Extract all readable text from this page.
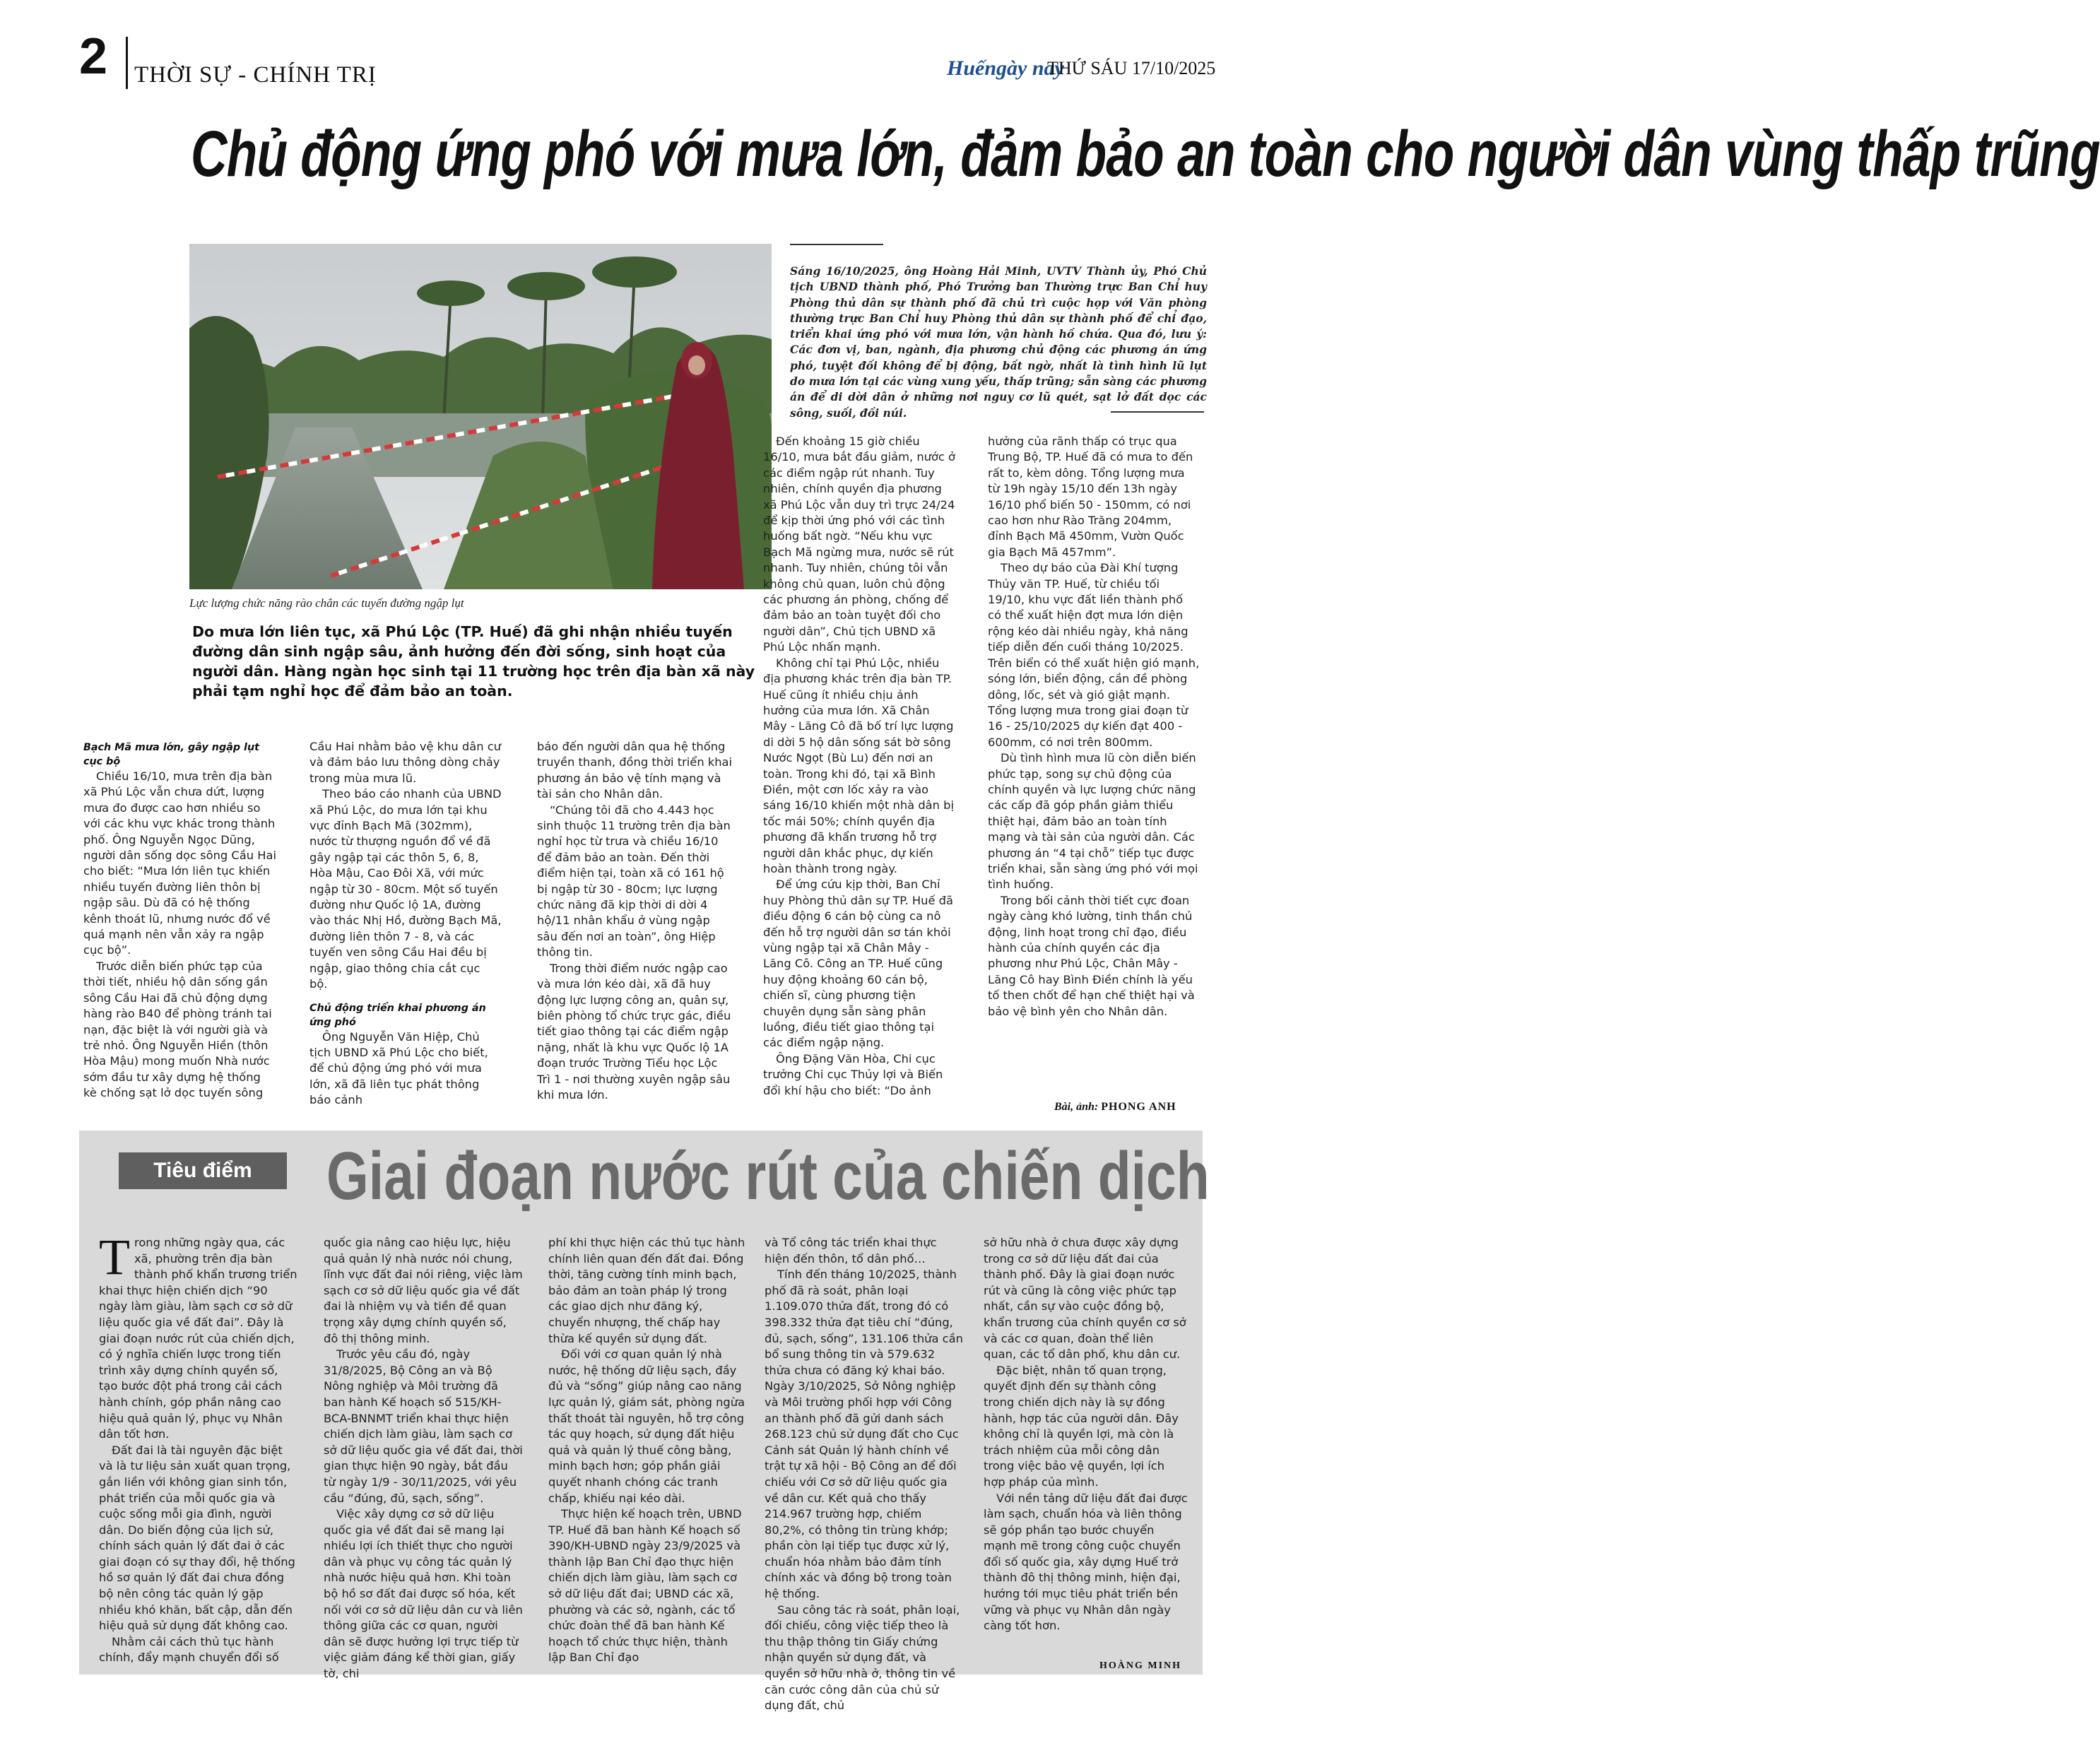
2 THỜI SỰ - CHÍNH TRỊ	Huếngày nay
THỨ SÁU 17/10/2025
Chủ động ứng phó với mưa lớn, đảm bảo an toàn cho người dân vùng thấp trũng
Lực lượng chức năng rào chắn các tuyến đường ngập lụt
Sáng 16/10/2025, ông Hoàng Hải Minh, UVTV Thành ủy, Phó Chủ tịch UBND thành phố, Phó Trưởng ban Thường trực Ban Chỉ huy Phòng thủ dân sự thành phố đã chủ trì cuộc họp với Văn phòng thường trực Ban Chỉ huy Phòng thủ dân sự thành phố để chỉ đạo, triển khai ứng phó với mưa lớn, vận hành hồ chứa. Qua đó, lưu ý: Các đơn vị, ban, ngành, địa phương chủ động các phương án ứng phó, tuyệt đối không để bị động, bất ngờ, nhất là tình hình lũ lụt do mưa lớn tại các vùng xung yếu, thấp trũng; sẵn sàng các phương án để di dời dân ở những nơi nguy cơ lũ quét, sạt lở đất dọc các sông, suối, đồi núi.
Do mưa lớn liên tục, xã Phú Lộc (TP. Huế) đã ghi nhận nhiều tuyến đường dân sinh ngập sâu, ảnh hưởng đến đời sống, sinh hoạt của người dân. Hàng ngàn học sinh tại 11 trường học trên địa bàn xã này phải tạm nghỉ học để đảm bảo an toàn.
Bạch Mã mưa lớn, gây ngập lụt cục bộ

Chiều 16/10, mưa trên địa bàn xã Phú Lộc vẫn chưa dứt, lượng mưa đo được cao hơn nhiều so với các khu vực khác trong thành phố. Ông Nguyễn Ngọc Dũng, người dân sống dọc sông Cầu Hai cho biết: “Mưa lớn liên tục khiến nhiều tuyến đường liên thôn bị ngập sâu. Dù đã có hệ thống kênh thoát lũ, nhưng nước đổ về quá mạnh nên vẫn xảy ra ngập cục bộ”.

Trước diễn biến phức tạp của thời tiết, nhiều hộ dân sống gần sông Cầu Hai đã chủ động dựng hàng rào B40 để phòng tránh tai nạn, đặc biệt là với người già và trẻ nhỏ. Ông Nguyễn Hiền (thôn Hòa Mậu) mong muốn Nhà nước sớm đầu tư xây dựng hệ thống kè chống sạt lở dọc tuyến sông

Cầu Hai nhằm bảo vệ khu dân cư và đảm bảo lưu thông dòng chảy trong mùa mưa lũ.

Theo báo cáo nhanh của UBND xã Phú Lộc, do mưa lớn tại khu vực đỉnh Bạch Mã (302mm), nước từ thượng nguồn đổ về đã gây ngập tại các thôn 5, 6, 8, Hòa Mậu, Cao Đôi Xã, với mức ngập từ 30 - 80cm. Một số tuyến đường như Quốc lộ 1A, đường vào thác Nhị Hồ, đường Bạch Mã, đường liên thôn 7 - 8, và các tuyến ven sông Cầu Hai đều bị ngập, giao thông chia cắt cục bộ.

Chủ động triển khai phương án ứng phó

Ông Nguyễn Văn Hiệp, Chủ tịch UBND xã Phú Lộc cho biết, để chủ động ứng phó với mưa lớn, xã đã liên tục phát thông báo cảnh

báo đến người dân qua hệ thống truyền thanh, đồng thời triển khai phương án bảo vệ tính mạng và tài sản cho Nhân dân.

“Chúng tôi đã cho 4.443 học sinh thuộc 11 trường trên địa bàn nghỉ học từ trưa và chiều 16/10 để đảm bảo an toàn. Đến thời điểm hiện tại, toàn xã có 161 hộ bị ngập từ 30 - 80cm; lực lượng chức năng đã kịp thời di dời 4 hộ/11 nhân khẩu ở vùng ngập sâu đến nơi an toàn”, ông Hiệp thông tin.

Trong thời điểm nước ngập cao và mưa lớn kéo dài, xã đã huy động lực lượng công an, quân sự, biên phòng tổ chức trực gác, điều tiết giao thông tại các điểm ngập nặng, nhất là khu vực Quốc lộ 1A đoạn trước Trường Tiểu học Lộc Trì 1 - nơi thường xuyên ngập sâu khi mưa lớn.

Đến khoảng 15 giờ chiều 16/10, mưa bắt đầu giảm, nước ở các điểm ngập rút nhanh. Tuy nhiên, chính quyền địa phương xã Phú Lộc vẫn duy trì trực 24/24 để kịp thời ứng phó với các tình huống bất ngờ. “Nếu khu vực Bạch Mã ngừng mưa, nước sẽ rút nhanh. Tuy nhiên, chúng tôi vẫn không chủ quan, luôn chủ động các phương án phòng, chống để đảm bảo an toàn tuyệt đối cho người dân”, Chủ tịch UBND xã Phú Lộc nhấn mạnh.

Không chỉ tại Phú Lộc, nhiều địa phương khác trên địa bàn TP. Huế cũng ít nhiều chịu ảnh hưởng của mưa lớn. Xã Chân Mây - Lăng Cô đã bố trí lực lượng di dời 5 hộ dân sống sát bờ sông Nước Ngọt (Bù Lu) đến nơi an toàn. Trong khi đó, tại xã Bình Điền, một cơn lốc xảy ra vào sáng 16/10 khiến một nhà dân bị tốc mái 50%; chính quyền địa phương đã khẩn trương hỗ trợ người dân khắc phục, dự kiến hoàn thành trong ngày.

Để ứng cứu kịp thời, Ban Chỉ huy Phòng thủ dân sự TP. Huế đã điều động 6 cán bộ cùng ca nô đến hỗ trợ người dân sơ tán khỏi vùng ngập tại xã Chân Mây - Lăng Cô. Công an TP. Huế cũng huy động khoảng 60 cán bộ, chiến sĩ, cùng phương tiện chuyên dụng sẵn sàng phân luồng, điều tiết giao thông tại các điểm ngập nặng.

Ông Đặng Văn Hòa, Chi cục trưởng Chi cục Thủy lợi và Biến đổi khí hậu cho biết: “Do ảnh

hưởng của rãnh thấp có trục qua Trung Bộ, TP. Huế đã có mưa to đến rất to, kèm dông. Tổng lượng mưa từ 19h ngày 15/10 đến 13h ngày 16/10 phổ biến 50 - 150mm, có nơi cao hơn như Rào Trăng 204mm, đỉnh Bạch Mã 450mm, Vườn Quốc gia Bạch Mã 457mm”.

Theo dự báo của Đài Khí tượng Thủy văn TP. Huế, từ chiều tối 19/10, khu vực đất liền thành phố có thể xuất hiện đợt mưa lớn diện rộng kéo dài nhiều ngày, khả năng tiếp diễn đến cuối tháng 10/2025. Trên biển có thể xuất hiện gió mạnh, sóng lớn, biển động, cần đề phòng dông, lốc, sét và gió giật mạnh. Tổng lượng mưa trong giai đoạn từ 16 - 25/10/2025 dự kiến đạt 400 - 600mm, có nơi trên 800mm.

Dù tình hình mưa lũ còn diễn biến phức tạp, song sự chủ động của chính quyền và lực lượng chức năng các cấp đã góp phần giảm thiểu thiệt hại, đảm bảo an toàn tính mạng và tài sản của người dân. Các phương án “4 tại chỗ” tiếp tục được triển khai, sẵn sàng ứng phó với mọi tình huống.

Trong bối cảnh thời tiết cực đoan ngày càng khó lường, tinh thần chủ động, linh hoạt trong chỉ đạo, điều hành của chính quyền các địa phương như Phú Lộc, Chân Mây - Lăng Cô hay Bình Điền chính là yếu tố then chốt để hạn chế thiệt hại và bảo vệ bình yên cho Nhân dân.

Bài, ảnh: PHONG ANH
Tiêu điểm	Giai đoạn nước rút của chiến dịch
T rong những ngày qua, các xã, phường trên địa bàn thành phố khẩn trương triển khai thực hiện chiến dịch “90 ngày làm giàu, làm sạch cơ sở dữ liệu quốc gia về đất đai”. Đây là giai đoạn nước rút của chiến dịch, có ý nghĩa chiến lược trong tiến trình xây dựng chính quyền số, tạo bước đột phá trong cải cách hành chính, góp phần nâng cao hiệu quả quản lý, phục vụ Nhân dân tốt hơn.

Đất đai là tài nguyên đặc biệt và là tư liệu sản xuất quan trọng, gắn liền với không gian sinh tồn, phát triển của mỗi quốc gia và cuộc sống mỗi gia đình, người dân. Do biến động của lịch sử, chính sách quản lý đất đai ở các giai đoạn có sự thay đổi, hệ thống hồ sơ quản lý đất đai chưa đồng bộ nên công tác quản lý gặp nhiều khó khăn, bất cập, dẫn đến hiệu quả sử dụng đất không cao.

Nhằm cải cách thủ tục hành chính, đẩy mạnh chuyển đổi số

quốc gia nâng cao hiệu lực, hiệu quả quản lý nhà nước nói chung, lĩnh vực đất đai nói riêng, việc làm sạch cơ sở dữ liệu quốc gia về đất đai là nhiệm vụ và tiền đề quan trọng xây dựng chính quyền số, đô thị thông minh.

Trước yêu cầu đó, ngày 31/8/2025, Bộ Công an và Bộ Nông nghiệp và Môi trường đã ban hành Kế hoạch số 515/KH-BCA-BNNMT triển khai thực hiện chiến dịch làm giàu, làm sạch cơ sở dữ liệu quốc gia về đất đai, thời gian thực hiện 90 ngày, bắt đầu từ ngày 1/9 - 30/11/2025, với yêu cầu “đúng, đủ, sạch, sống”.

Việc xây dựng cơ sở dữ liệu quốc gia về đất đai sẽ mang lại nhiều lợi ích thiết thực cho người dân và phục vụ công tác quản lý nhà nước hiệu quả hơn. Khi toàn bộ hồ sơ đất đai được số hóa, kết nối với cơ sở dữ liệu dân cư và liên thông giữa các cơ quan, người dân sẽ được hưởng lợi trực tiếp từ việc giảm đáng kể thời gian, giấy tờ, chi

phí khi thực hiện các thủ tục hành chính liên quan đến đất đai. Đồng thời, tăng cường tính minh bạch, bảo đảm an toàn pháp lý trong các giao dịch như đăng ký, chuyển nhượng, thế chấp hay thừa kế quyền sử dụng đất.

Đối với cơ quan quản lý nhà nước, hệ thống dữ liệu sạch, đầy đủ và “sống” giúp nâng cao năng lực quản lý, giám sát, phòng ngừa thất thoát tài nguyên, hỗ trợ công tác quy hoạch, sử dụng đất hiệu quả và quản lý thuế công bằng, minh bạch hơn; góp phần giải quyết nhanh chóng các tranh chấp, khiếu nại kéo dài.

Thực hiện kế hoạch trên, UBND TP. Huế đã ban hành Kế hoạch số 390/KH-UBND ngày 23/9/2025 và thành lập Ban Chỉ đạo thực hiện chiến dịch làm giàu, làm sạch cơ sở dữ liệu đất đai; UBND các xã, phường và các sở, ngành, các tổ chức đoàn thể đã ban hành Kế hoạch tổ chức thực hiện, thành lập Ban Chỉ đạo

và Tổ công tác triển khai thực hiện đến thôn, tổ dân phố…

Tính đến tháng 10/2025, thành phố đã rà soát, phân loại 1.109.070 thửa đất, trong đó có 398.332 thửa đạt tiêu chí “đúng, đủ, sạch, sống”, 131.106 thửa cần bổ sung thông tin và 579.632 thửa chưa có đăng ký khai báo. Ngày 3/10/2025, Sở Nông nghiệp và Môi trường phối hợp với Công an thành phố đã gửi danh sách 268.123 chủ sử dụng đất cho Cục Cảnh sát Quản lý hành chính về trật tự xã hội - Bộ Công an để đối chiếu với Cơ sở dữ liệu quốc gia về dân cư. Kết quả cho thấy 214.967 trường hợp, chiếm 80,2%, có thông tin trùng khớp; phần còn lại tiếp tục được xử lý, chuẩn hóa nhằm bảo đảm tính chính xác và đồng bộ trong toàn hệ thống.

Sau công tác rà soát, phân loại, đối chiếu, công việc tiếp theo là thu thập thông tin Giấy chứng nhận quyền sử dụng đất, và quyền sở hữu nhà ở, thông tin về căn cước công dân của chủ sử dụng đất, chủ

sở hữu nhà ở chưa được xây dựng trong cơ sở dữ liệu đất đai của thành phố. Đây là giai đoạn nước rút và cũng là công việc phức tạp nhất, cần sự vào cuộc đồng bộ, khẩn trương của chính quyền cơ sở và các cơ quan, đoàn thể liên quan, các tổ dân phố, khu dân cư.

Đặc biệt, nhân tố quan trọng, quyết định đến sự thành công trong chiến dịch này là sự đồng hành, hợp tác của người dân. Đây không chỉ là quyền lợi, mà còn là trách nhiệm của mỗi công dân trong việc bảo vệ quyền, lợi ích hợp pháp của mình.

Với nền tảng dữ liệu đất đai được làm sạch, chuẩn hóa và liên thông sẽ góp phần tạo bước chuyển mạnh mẽ trong công cuộc chuyển đổi số quốc gia, xây dựng Huế trở thành đô thị thông minh, hiện đại, hướng tới mục tiêu phát triển bền vững và phục vụ Nhân dân ngày càng tốt hơn.

HOÀNG MINH
